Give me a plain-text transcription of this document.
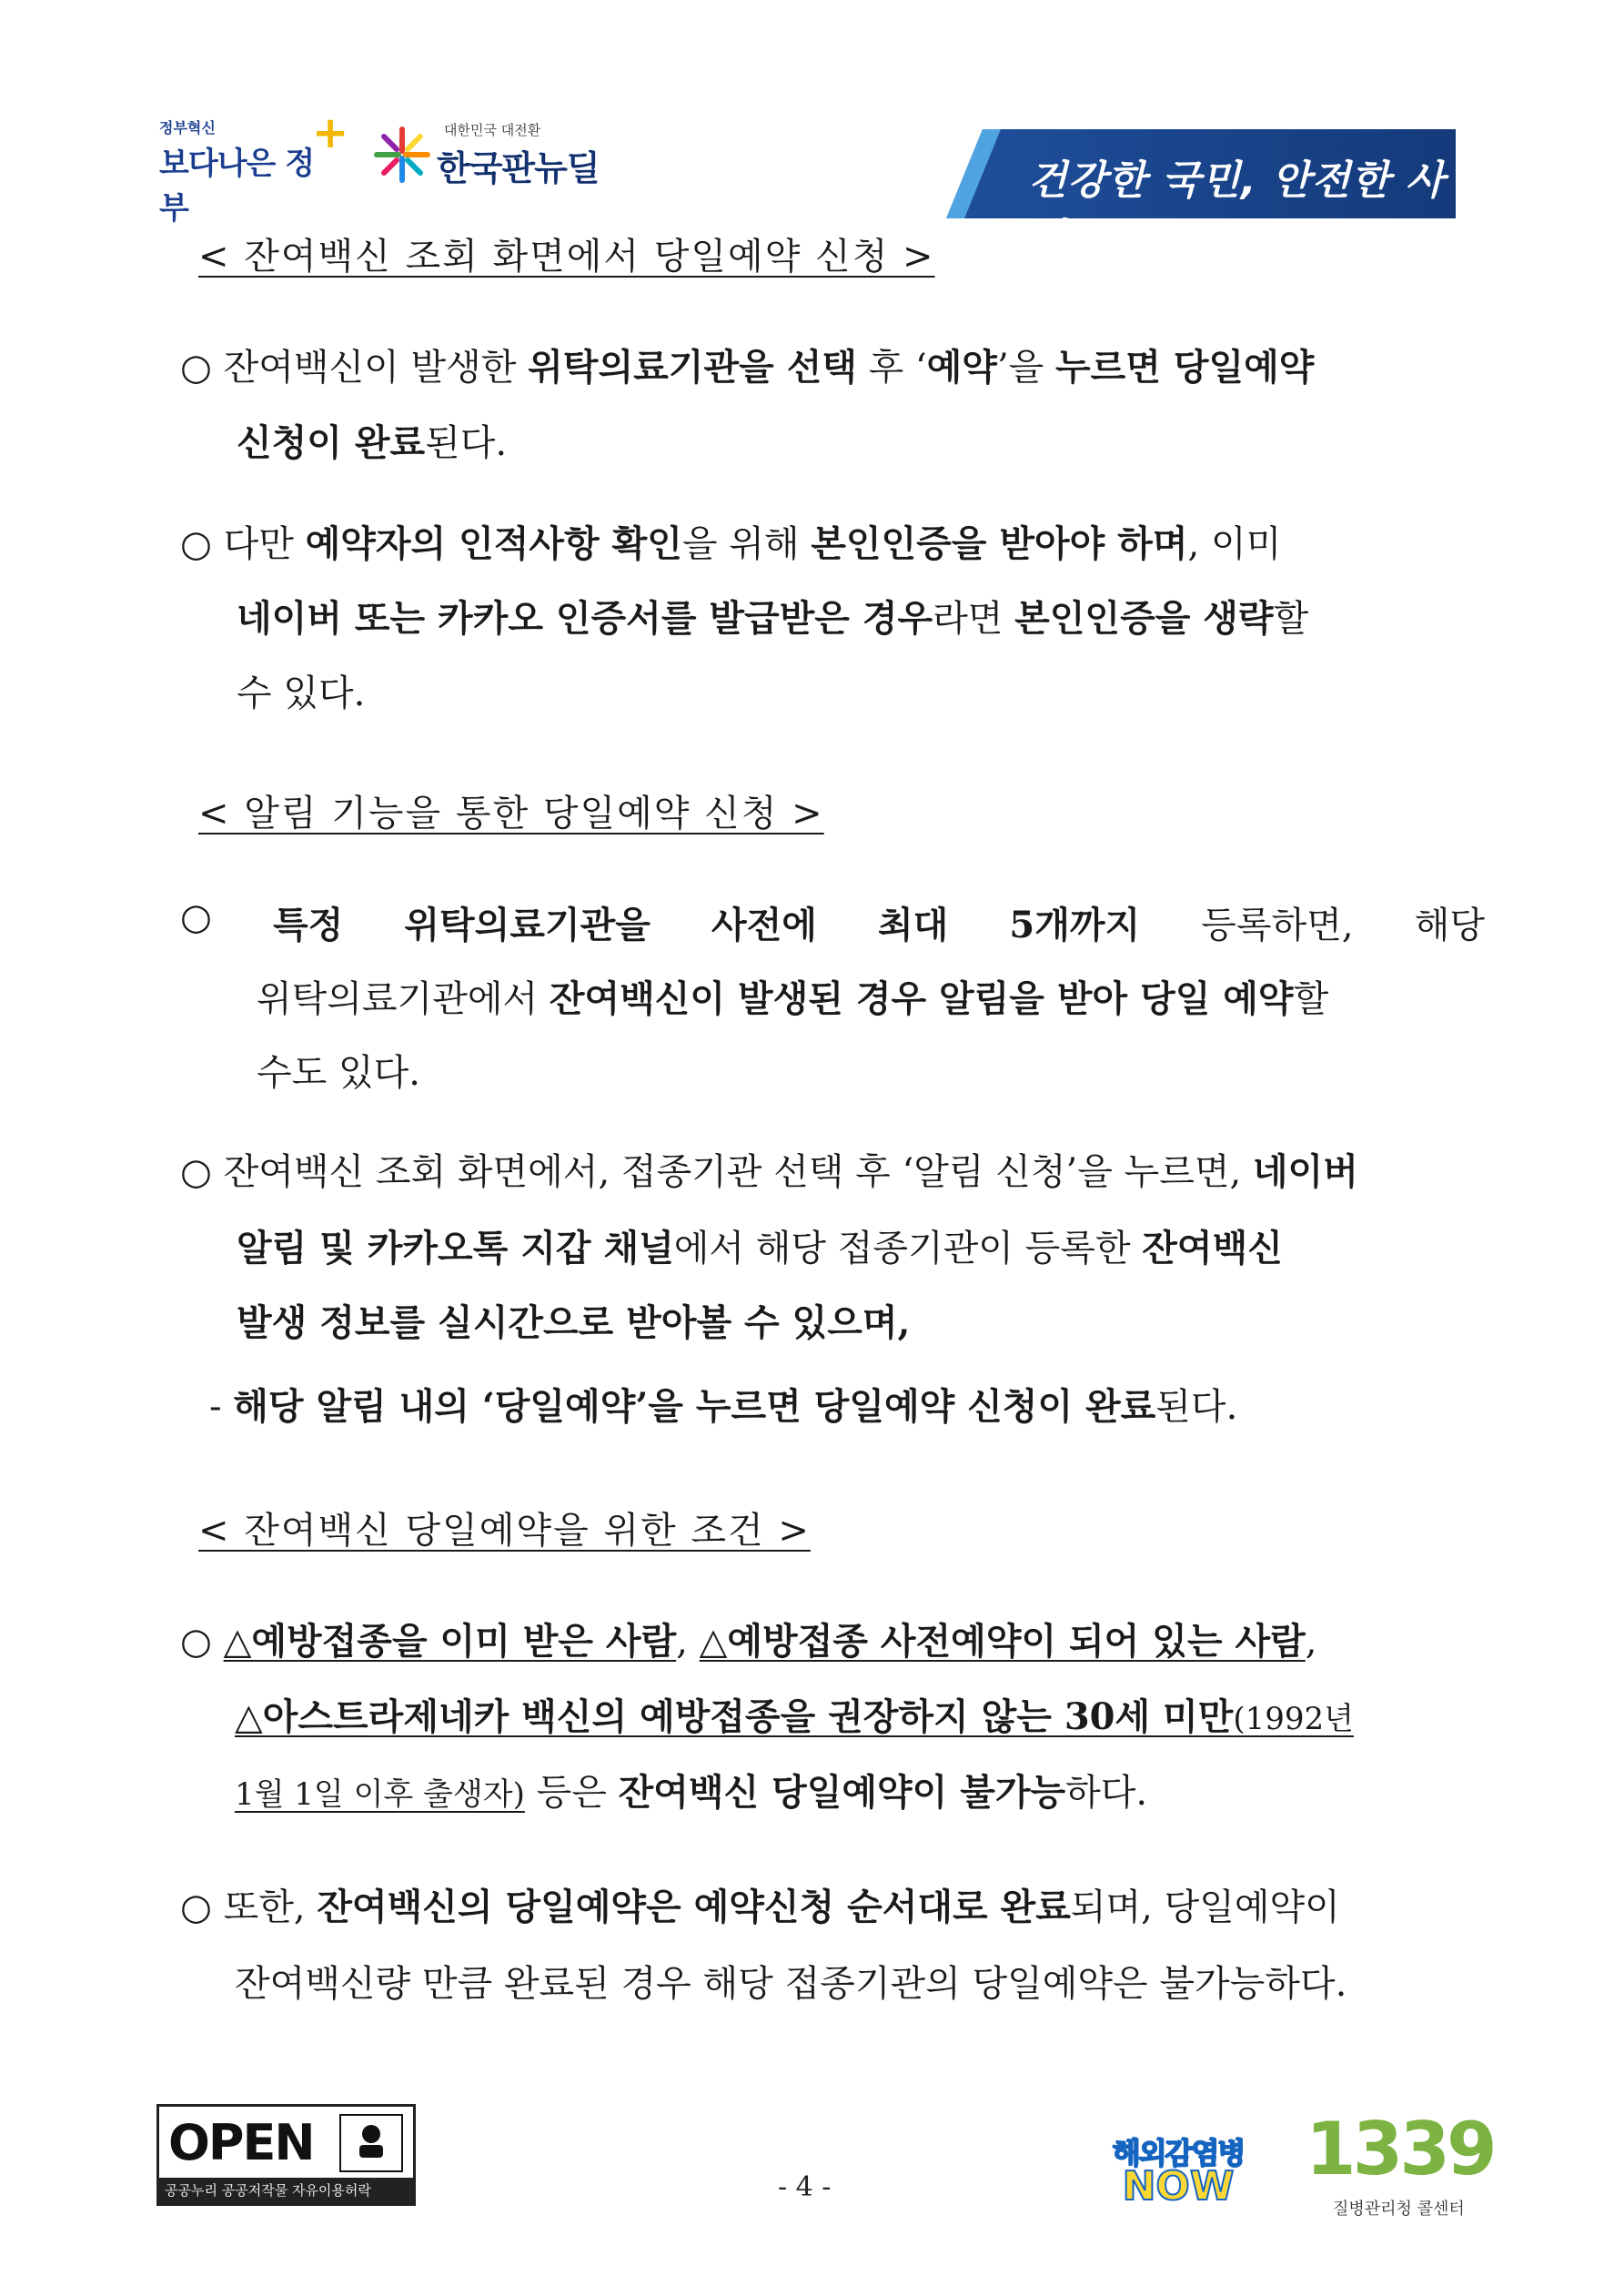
정부혁신
보다나은 정부
+	대한민국 대전환
한국판뉴딜	건강한 국민, 안전한 사회
< 잔여백신 조회 화면에서 당일예약 신청 >
○ 잔여백신이 발생한 위탁의료기관을 선택 후 ‘예약’을 누르면 당일예약
신청이 완료된다.
○ 다만 예약자의 인적사항 확인을 위해 본인인증을 받아야 하며, 이미
네이버 또는 카카오 인증서를 발급받은 경우라면 본인인증을 생략할
수 있다.
< 알림 기능을 통한 당일예약 신청 >
○ 특정 위탁의료기관을 사전에 최대 5개까지 등록하면, 해당
위탁의료기관에서 잔여백신이 발생된 경우 알림을 받아 당일 예약할
수도 있다.
○ 잔여백신 조회 화면에서, 접종기관 선택 후 ‘알림 신청’을 누르면, 네이버
알림 및 카카오톡 지갑 채널에서 해당 접종기관이 등록한 잔여백신
발생 정보를 실시간으로 받아볼 수 있으며,
- 해당 알림 내의 ‘당일예약’을 누르면 당일예약 신청이 완료된다.
< 잔여백신 당일예약을 위한 조건 >
○ △예방접종을 이미 받은 사람, △예방접종 사전예약이 되어 있는 사람,
△아스트라제네카 백신의 예방접종을 권장하지 않는 30세 미만(1992년
1월 1일 이후 출생자) 등은 잔여백신 당일예약이 불가능하다.
○ 또한, 잔여백신의 당일예약은 예약신청 순서대로 완료되며, 당일예약이
잔여백신량 만큼 완료된 경우 해당 접종기관의 당일예약은 불가능하다.
OPEN
공공누리 공공저작물 자유이용허락	- 4 -
해외감염병
NOW 1339
질병관리청 콜센터
